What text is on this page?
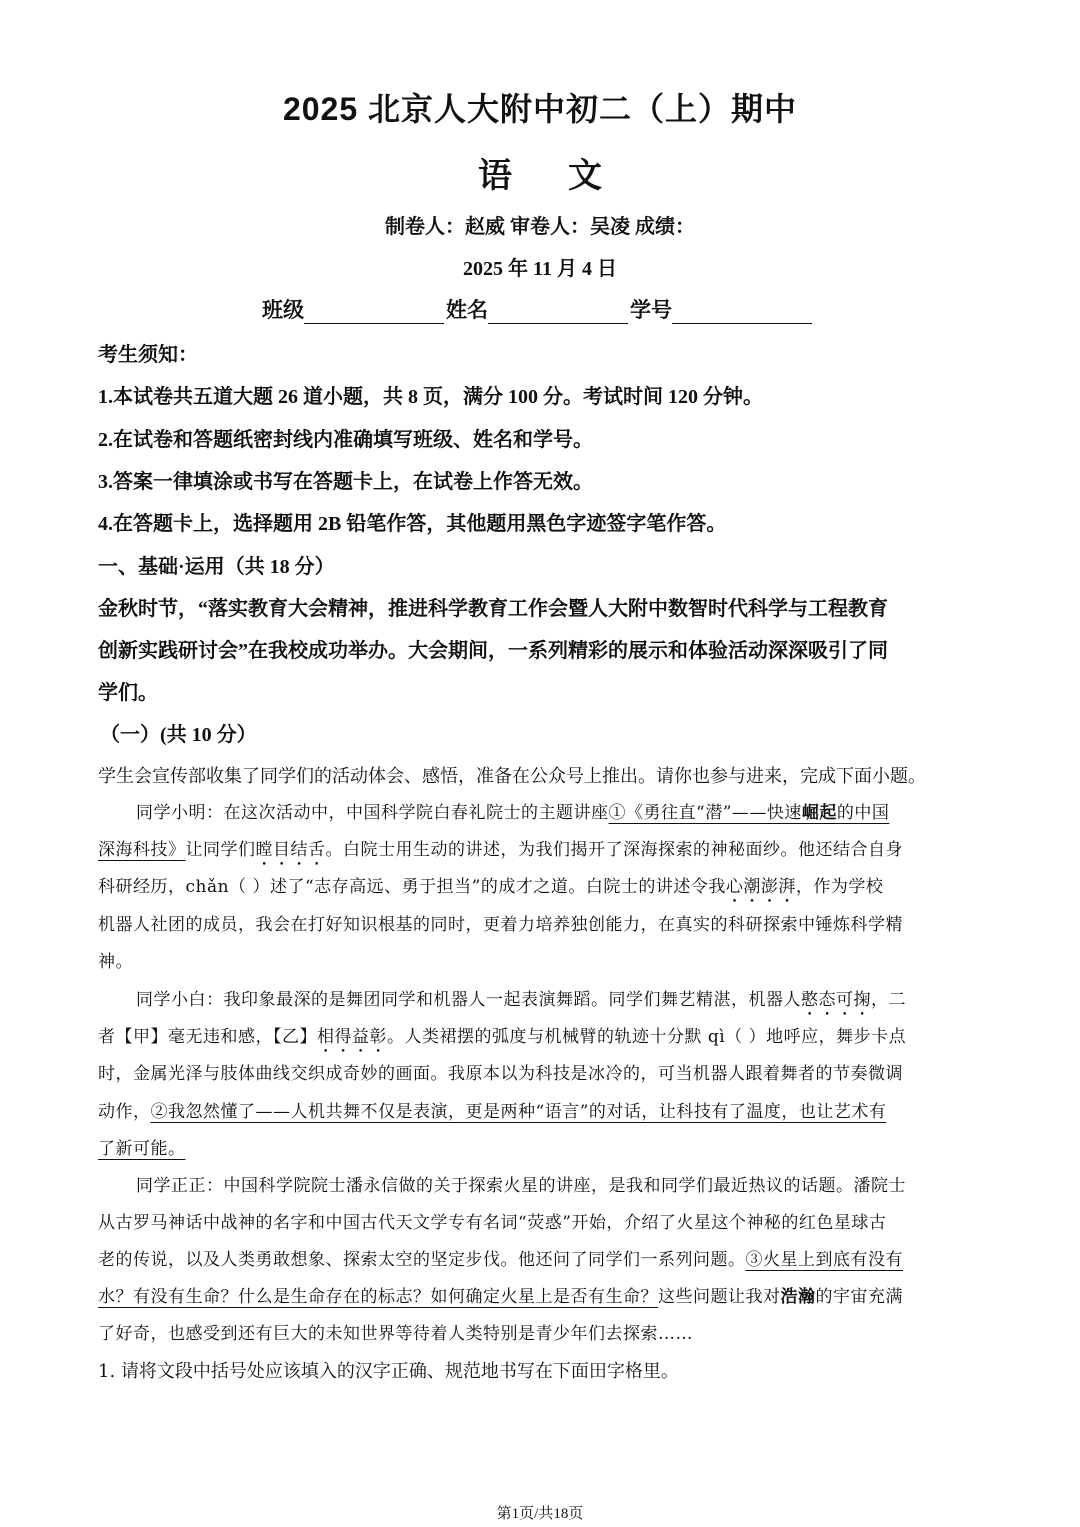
2025 北京人大附中初二（上）期中
语文
制卷人：赵威 审卷人：吴凌 成绩：
2025 年 11 月 4 日
班级	姓名	学号
考生须知：
1.本试卷共五道大题 26 道小题，共 8 页，满分 100 分。考试时间 120 分钟。
2.在试卷和答题纸密封线内准确填写班级、姓名和学号。
3.答案一律填涂或书写在答题卡上，在试卷上作答无效。
4.在答题卡上，选择题用 2B 铅笔作答，其他题用黑色字迹签字笔作答。
一、基础·运用（共 18 分）
金秋时节，“落实教育大会精神，推进科学教育工作会暨人大附中数智时代科学与工程教育
创新实践研讨会”在我校成功举办。大会期间，一系列精彩的展示和体验活动深深吸引了同
学们。
（一）(共 10 分）
学生会宣传部收集了同学们的活动体会、感悟，准备在公众号上推出。请你也参与进来，完成下面小题。
同学小明：在这次活动中，中国科学院白春礼院士的主题讲座①《勇往直“潜”——快速崛起的中国
深海科技》让同学们瞠目结舌。白院士用生动的讲述，为我们揭开了深海探索的神秘面纱。他还结合自身
科研经历，chǎn（ ）述了“志存高远、勇于担当”的成才之道。白院士的讲述令我心潮澎湃，作为学校
机器人社团的成员，我会在打好知识根基的同时，更着力培养独创能力，在真实的科研探索中锤炼科学精
神。
同学小白：我印象最深的是舞团同学和机器人一起表演舞蹈。同学们舞艺精湛，机器人憨态可掬，二
者【甲】毫无违和感，【乙】相得益彰。人类裙摆的弧度与机械臂的轨迹十分默 qì（ ）地呼应，舞步卡点
时，金属光泽与肢体曲线交织成奇妙的画面。我原本以为科技是冰冷的，可当机器人跟着舞者的节奏微调
动作，②我忽然懂了——人机共舞不仅是表演，更是两种“语言”的对话，让科技有了温度，也让艺术有
了新可能。
同学正正：中国科学院院士潘永信做的关于探索火星的讲座，是我和同学们最近热议的话题。潘院士
从古罗马神话中战神的名字和中国古代天文学专有名词“荧惑”开始，介绍了火星这个神秘的红色星球古
老的传说，以及人类勇敢想象、探索太空的坚定步伐。他还问了同学们一系列问题。③火星上到底有没有
水？有没有生命？什么是生命存在的标志？如何确定火星上是否有生命？这些问题让我对浩瀚的宇宙充满
了好奇，也感受到还有巨大的未知世界等待着人类特别是青少年们去探索……
1. 请将文段中括号处应该填入的汉字正确、规范地书写在下面田字格里。
第1页/共18页
